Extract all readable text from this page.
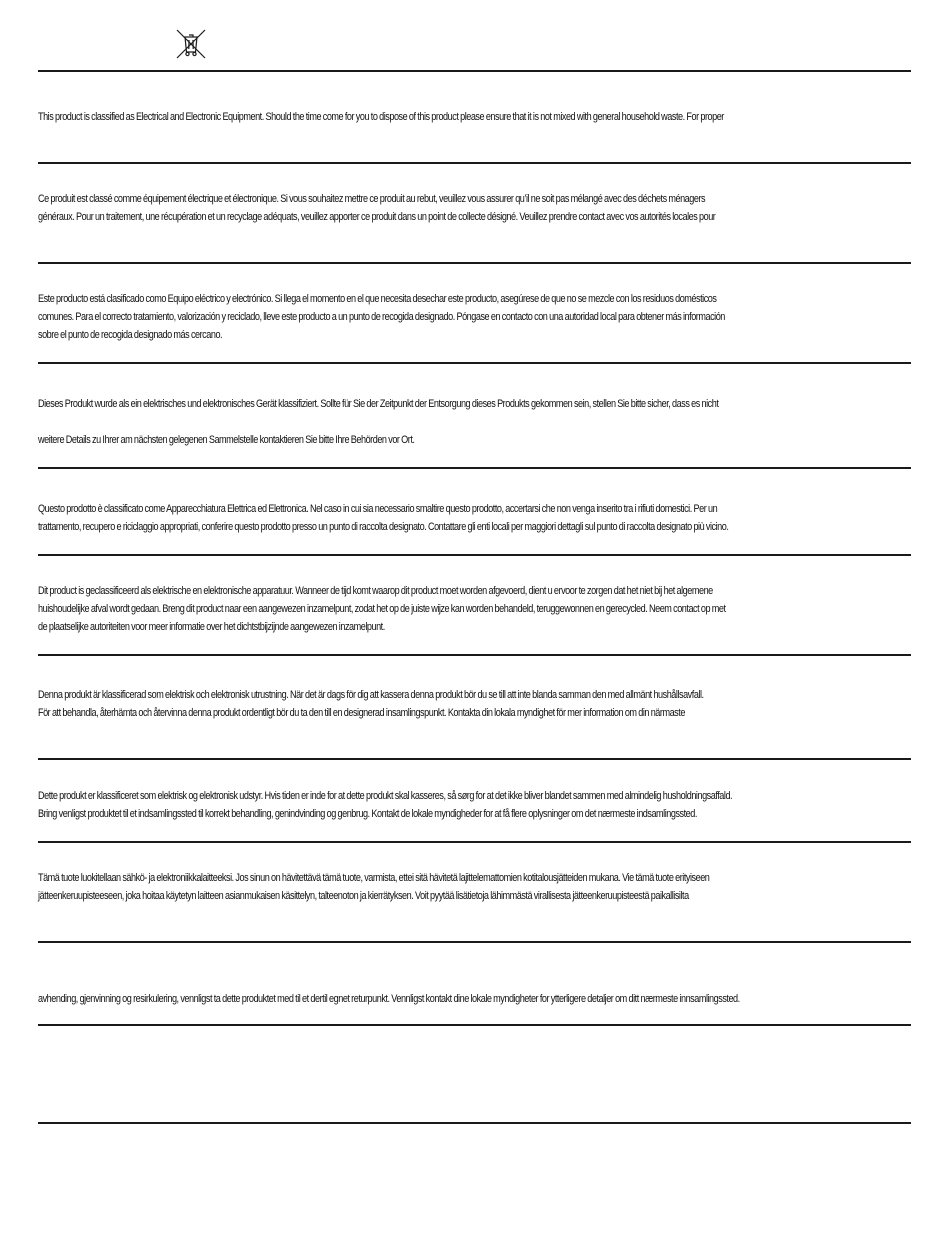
This product is classified as Electrical and Electronic Equipment. Should the time come for you to dispose of this product please ensure that it is not mixed with general household waste. For proper
Ce produit est classé comme équipement électrique et électronique. Si vous souhaitez mettre ce produit au rebut, veuillez vous assurer qu’il ne soit pas mélangé avec des déchets ménagers
généraux. Pour un traitement, une récupération et un recyclage adéquats, veuillez apporter ce produit dans un point de collecte désigné. Veuillez prendre contact avec vos autorités locales pour
Este producto está clasificado como Equipo eléctrico y electrónico. Si llega el momento en el que necesita desechar este producto, asegúrese de que no se mezcle con los residuos domésticos
comunes. Para el correcto tratamiento, valorización y reciclado, lleve este producto a un punto de recogida designado. Póngase en contacto con una autoridad local para obtener más información
sobre el punto de recogida designado más cercano.
Dieses Produkt wurde als ein elektrisches und elektronisches Gerät klassifiziert. Sollte für Sie der Zeitpunkt der Entsorgung dieses Produkts gekommen sein, stellen Sie bitte sicher, dass es nicht
weitere Details zu Ihrer am nächsten gelegenen Sammelstelle kontaktieren Sie bitte Ihre Behörden vor Ort.
Questo prodotto è classificato come Apparecchiatura Elettrica ed Elettronica. Nel caso in cui sia necessario smaltire questo prodotto, accertarsi che non venga inserito tra i rifiuti domestici. Per un
trattamento, recupero e riciclaggio appropriati, conferire questo prodotto presso un punto di raccolta designato. Contattare gli enti locali per maggiori dettagli sul punto di raccolta designato più vicino.
Dit product is geclassificeerd als elektrische en elektronische apparatuur. Wanneer de tijd komt waarop dit product moet worden afgevoerd, dient u ervoor te zorgen dat het niet bij het algemene
huishoudelijke afval wordt gedaan. Breng dit product naar een aangewezen inzamelpunt, zodat het op de juiste wijze kan worden behandeld, teruggewonnen en gerecycled. Neem contact op met
de plaatselijke autoriteiten voor meer informatie over het dichtstbijzijnde aangewezen inzamelpunt.
Denna produkt är klassificerad som elektrisk och elektronisk utrustning. När det är dags för dig att kassera denna produkt bör du se till att inte blanda samman den med allmänt hushållsavfall.
För att behandla, återhämta och återvinna denna produkt ordentligt bör du ta den till en designerad insamlingspunkt. Kontakta din lokala myndighet för mer information om din närmaste
Dette produkt er klassificeret som elektrisk og elektronisk udstyr. Hvis tiden er inde for at dette produkt skal kasseres, så sørg for at det ikke bliver blandet sammen med almindelig husholdningsaffald.
Bring venligst produktet til et indsamlingssted til korrekt behandling, genindvinding og genbrug. Kontakt de lokale myndigheder for at få flere oplysninger om det nærmeste indsamlingssted.
Tämä tuote luokitellaan sähkö- ja elektroniikkalaitteeksi. Jos sinun on hävitettävä tämä tuote, varmista, ettei sitä hävitetä lajittelemattomien kotitalousjätteiden mukana. Vie tämä tuote erityiseen
jätteenkeruupisteeseen, joka hoitaa käytetyn laitteen asianmukaisen käsittelyn, talteenoton ja kierrätyksen. Voit pyytää lisätietoja lähimmästä virallisesta jätteenkeruupisteestä paikallisilta
avhending, gjenvinning og resirkulering, vennligst ta dette produktet med til et dertil egnet returpunkt. Vennligst kontakt dine lokale myndigheter for ytterligere detaljer om ditt nærmeste innsamlingssted.
